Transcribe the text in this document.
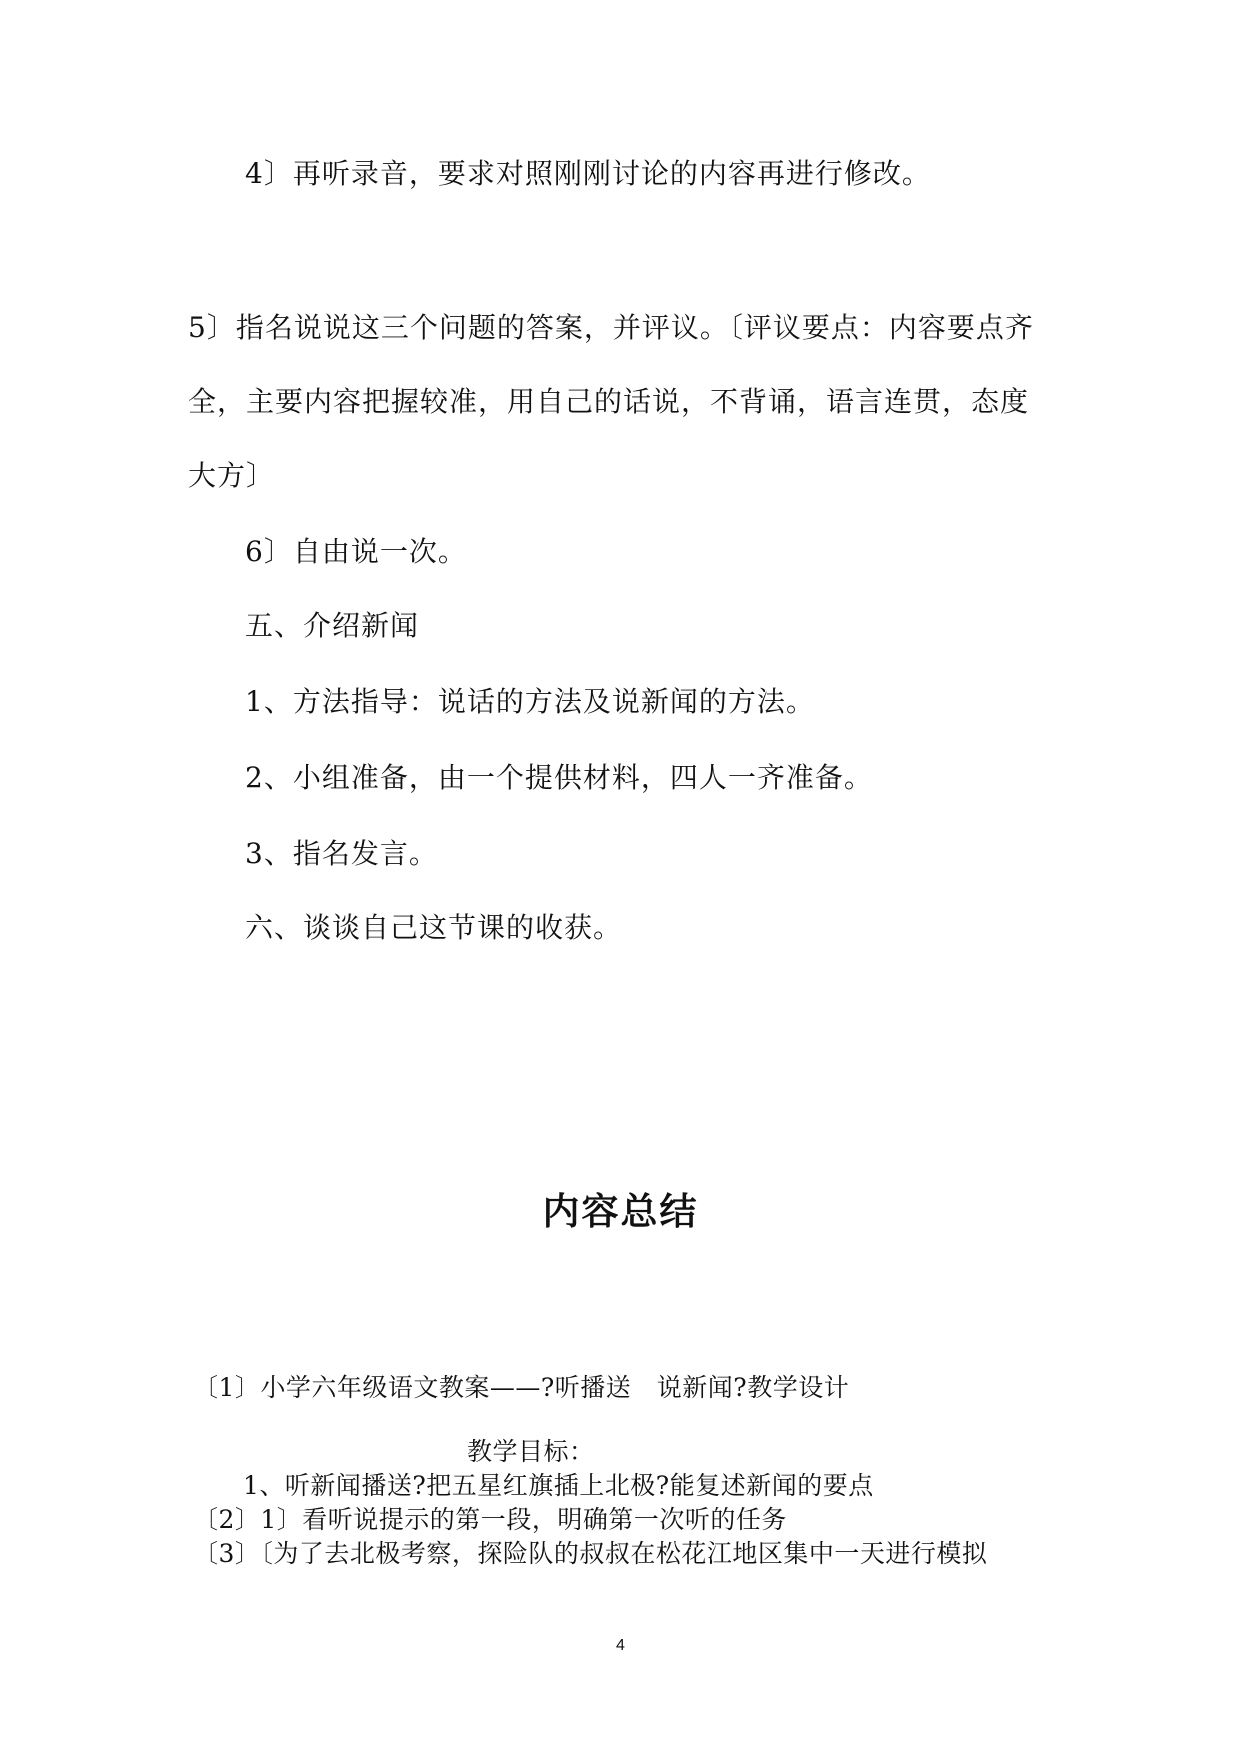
4〕再听录音，要求对照刚刚讨论的内容再进行修改。
5〕指名说说这三个问题的答案，并评议。〔评议要点：内容要点齐
全，主要内容把握较准，用自己的话说，不背诵，语言连贯，态度
大方〕
6〕自由说一次。
五、介绍新闻
1、方法指导：说话的方法及说新闻的方法。
2、小组准备，由一个提供材料，四人一齐准备。
3、指名发言。
六、谈谈自己这节课的收获。
内容总结
〔1〕小学六年级语文教案——?听播送　说新闻?教学设计
教学目标：
1、听新闻播送?把五星红旗插上北极?能复述新闻的要点
〔2〕1〕看听说提示的第一段，明确第一次听的任务
〔3〕〔为了去北极考察，探险队的叔叔在松花江地区集中一天进行模拟
4
